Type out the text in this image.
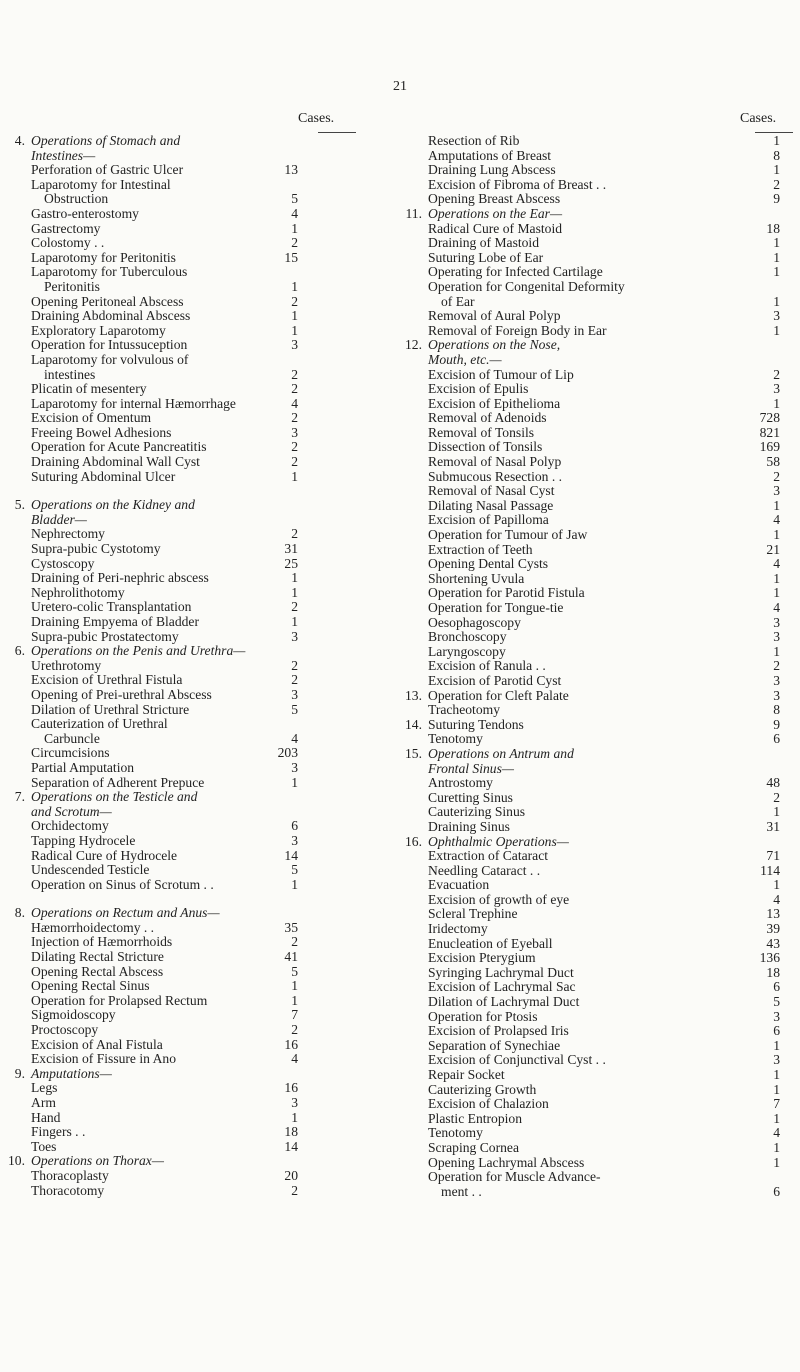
21
Cases.
4. Operations of Stomach and
Intestines—
Perforation of Gastric Ulcer	13
Laparotomy for Intestinal
Obstruction	5
Gastro-enterostomy	4
Gastrectomy	1
Colostomy . .	2
Laparotomy for Peritonitis	15
Laparotomy for Tuberculous
Peritonitis	1
Opening Peritoneal Abscess	2
Draining Abdominal Abscess	1
Exploratory Laparotomy	1
Operation for Intussuception	3
Laparotomy for volvulous of
intestines	2
Plicatin of mesentery	2
Laparotomy for internal Hæmorrhage	4
Excision of Omentum	2
Freeing Bowel Adhesions	3
Operation for Acute Pancreatitis	2
Draining Abdominal Wall Cyst	2
Suturing Abdominal Ulcer	1
5. Operations on the Kidney and
Bladder—
Nephrectomy	2
Supra-pubic Cystotomy	31
Cystoscopy	25
Draining of Peri-nephric abscess	1
Nephrolithotomy	1
Uretero-colic Transplantation	2
Draining Empyema of Bladder	1
Supra-pubic Prostatectomy	3
6. Operations on the Penis and Urethra—
Urethrotomy	2
Excision of Urethral Fistula	2
Opening of Prei-urethral Abscess	3
Dilation of Urethral Stricture	5
Cauterization of Urethral
Carbuncle	4
Circumcisions	203
Partial Amputation	3
Separation of Adherent Prepuce	1
7. Operations on the Testicle and
and Scrotum—
Orchidectomy	6
Tapping Hydrocele	3
Radical Cure of Hydrocele	14
Undescended Testicle	5
Operation on Sinus of Scrotum . .	1
8. Operations on Rectum and Anus—
Hæmorrhoidectomy . .	35
Injection of Hæmorrhoids	2
Dilating Rectal Stricture	41
Opening Rectal Abscess	5
Opening Rectal Sinus	1
Operation for Prolapsed Rectum	1
Sigmoidoscopy	7
Proctoscopy	2
Excision of Anal Fistula	16
Excision of Fissure in Ano	4
9. Amputations—
Legs	16
Arm	3
Hand	1
Fingers . .	18
Toes	14
10. Operations on Thorax—
Thoracoplasty	20
Thoracotomy	2
Cases.
Resection of Rib	1
Amputations of Breast	8
Draining Lung Abscess	1
Excision of Fibroma of Breast . .	2
Opening Breast Abscess	9
11. Operations on the Ear—
Radical Cure of Mastoid	18
Draining of Mastoid	1
Suturing Lobe of Ear	1
Operating for Infected Cartilage	1
Operation for Congenital Deformity
of Ear	1
Removal of Aural Polyp	3
Removal of Foreign Body in Ear	1
12. Operations on the Nose,
Mouth, etc.—
Excision of Tumour of Lip	2
Excision of Epulis	3
Excision of Epithelioma	1
Removal of Adenoids	728
Removal of Tonsils	821
Dissection of Tonsils	169
Removal of Nasal Polyp	58
Submucous Resection . .	2
Removal of Nasal Cyst	3
Dilating Nasal Passage	1
Excision of Papilloma	4
Operation for Tumour of Jaw	1
Extraction of Teeth	21
Opening Dental Cysts	4
Shortening Uvula	1
Operation for Parotid Fistula	1
Operation for Tongue-tie	4
Oesophagoscopy	3
Bronchoscopy	3
Laryngoscopy	1
Excision of Ranula . .	2
Excision of Parotid Cyst	3
13. Operation for Cleft Palate	3
Tracheotomy	8
14. Suturing Tendons	9
Tenotomy	6
15. Operations on Antrum and
Frontal Sinus—
Antrostomy	48
Curetting Sinus	2
Cauterizing Sinus	1
Draining Sinus	31
16. Ophthalmic Operations—
Extraction of Cataract	71
Needling Cataract . .	114
Evacuation	1
Excision of growth of eye	4
Scleral Trephine	13
Iridectomy	39
Enucleation of Eyeball	43
Excision Pterygium	136
Syringing Lachrymal Duct	18
Excision of Lachrymal Sac	6
Dilation of Lachrymal Duct	5
Operation for Ptosis	3
Excision of Prolapsed Iris	6
Separation of Synechiae	1
Excision of Conjunctival Cyst . .	3
Repair Socket	1
Cauterizing Growth	1
Excision of Chalazion	7
Plastic Entropion	1
Tenotomy	4
Scraping Cornea	1
Opening Lachrymal Abscess	1
Operation for Muscle Advance-
ment . .	6
